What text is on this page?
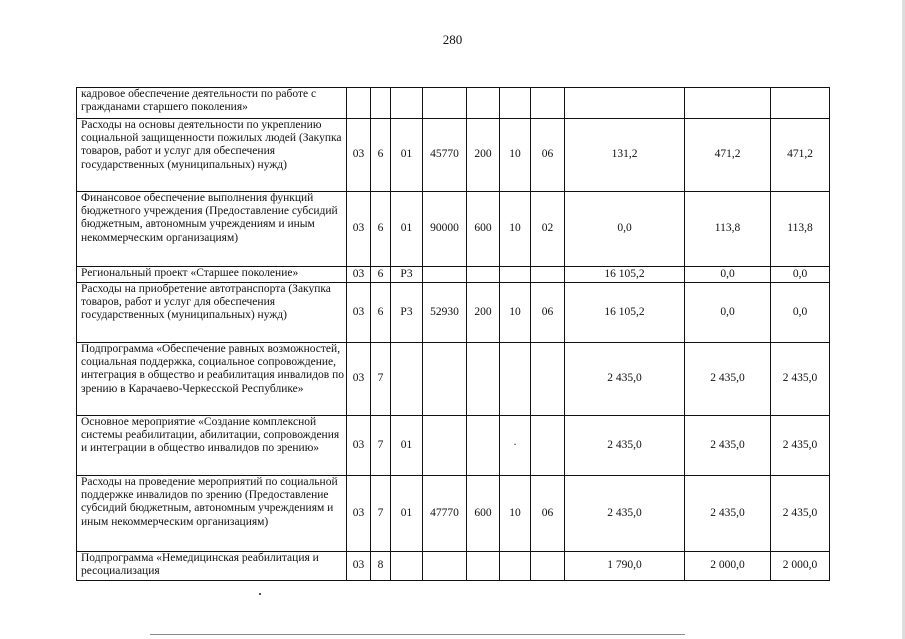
280
кадровое обеспечение деятельности по работе с гражданами старшего поколения»										
Расходы на основы деятельности по укреплению социальной защищенности пожилых людей (Закупка товаров, работ и услуг для обеспечения государственных (муниципальных) нужд)	03	6	01	45770	200	10	06	131,2	471,2	471,2
Финансовое обеспечение выполнения функций бюджетного учреждения (Предоставление субсидий бюджетным, автономным учреждениям и иным некоммерческим организациям)	03	6	01	90000	600	10	02	0,0	113,8	113,8
Региональный проект «Старшее поколение»	03	6	Р3					16 105,2	0,0	0,0
Расходы на приобретение автотранспорта (Закупка товаров, работ и услуг для обеспечения государственных (муниципальных) нужд)	03	6	Р3	52930	200	10	06	16 105,2	0,0	0,0
Подпрограмма «Обеспечение равных возможностей, социальная поддержка, социальное сопровождение, интеграция в общество и реабилитация инвалидов по зрению в Карачаево-Черкесской Республике»	03	7						2 435,0	2 435,0	2 435,0
Основное мероприятие «Создание комплексной системы реабилитации, абилитации, сопровождения и интеграции в общество инвалидов по зрению»	03	7	01			·		2 435,0	2 435,0	2 435,0
Расходы на проведение мероприятий по социальной поддержке инвалидов по зрению (Предоставление субсидий бюджетным, автономным учреждениям и иным некоммерческим организациям)	03	7	01	47770	600	10	06	2 435,0	2 435,0	2 435,0
Подпрограмма «Немедицинская реабилитация и ресоциализация	03	8						1 790,0	2 000,0	2 000,0
